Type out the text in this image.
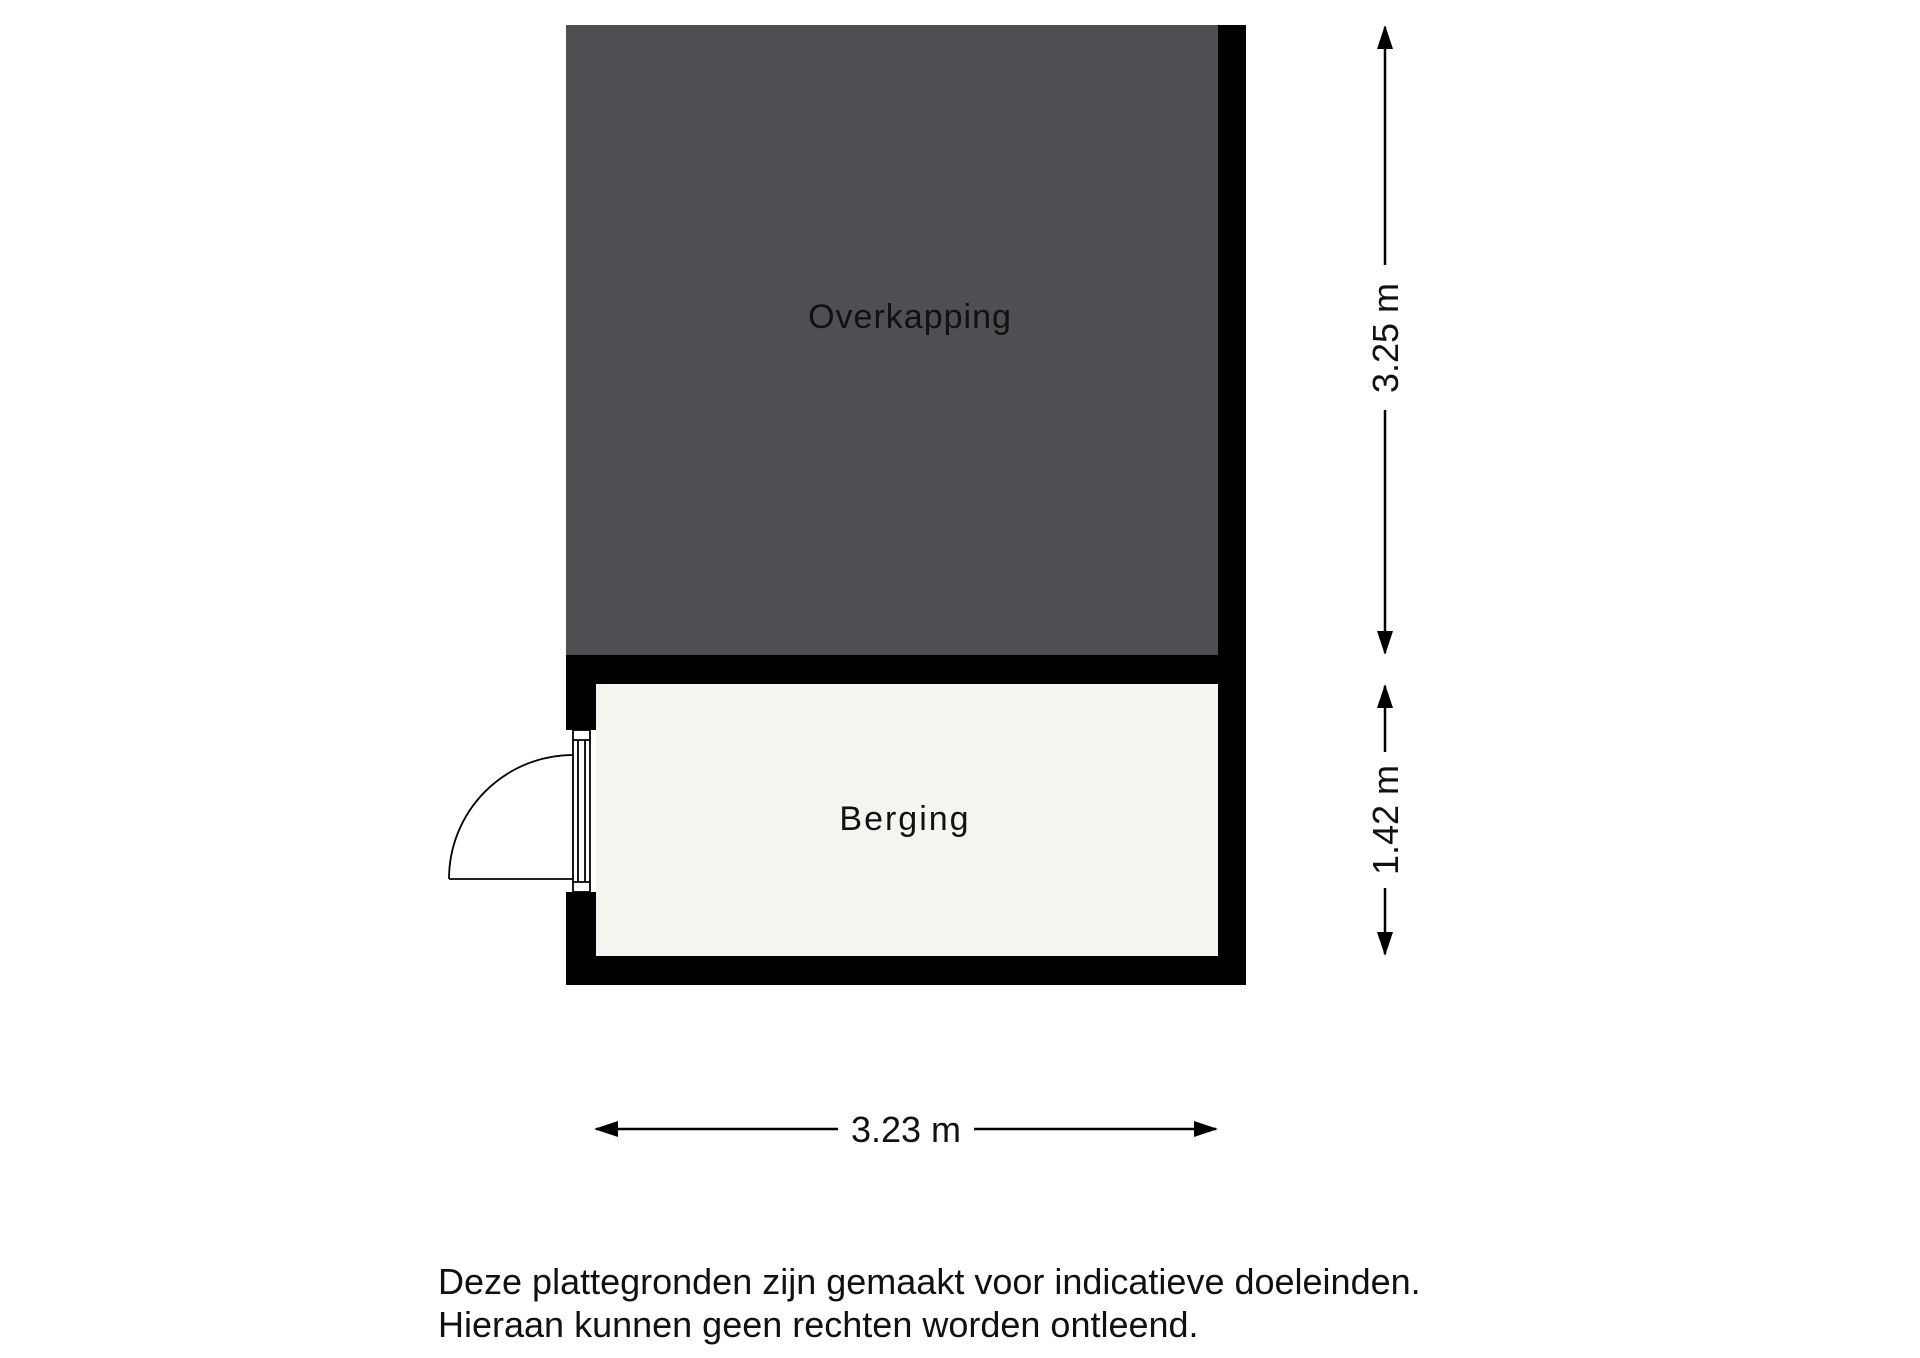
Overkapping
Berging
3.23 m
3.25 m
1.42 m
Deze plattegronden zijn gemaakt voor indicatieve doeleinden.
Hieraan kunnen geen rechten worden ontleend.
